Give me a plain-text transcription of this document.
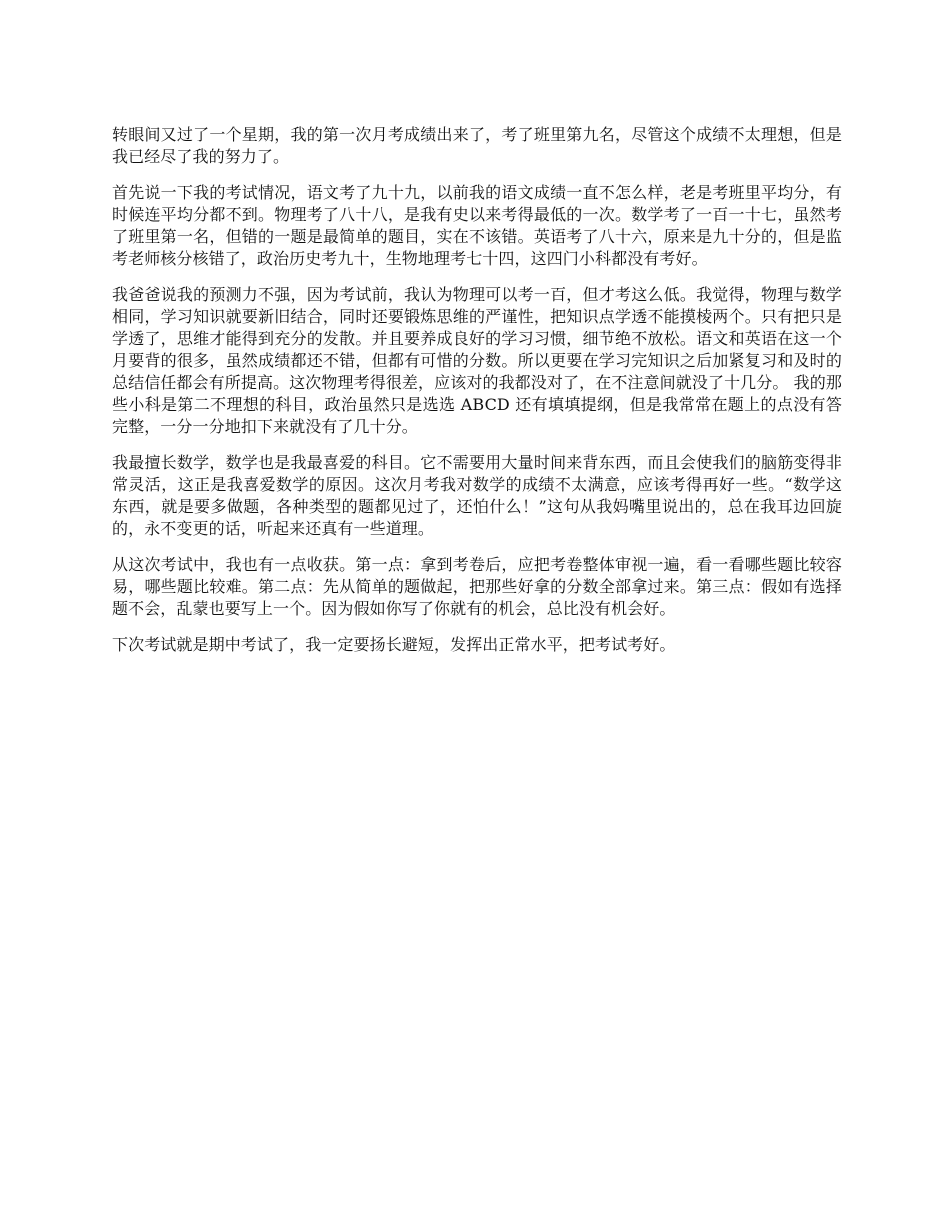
转眼间又过了一个星期，我的第一次月考成绩出来了，考了班里第九名，尽管这个成绩不太理想，但是我已经尽了我的努力了。

首先说一下我的考试情况，语文考了九十九，以前我的语文成绩一直不怎么样，老是考班里平均分，有时候连平均分都不到。物理考了八十八，是我有史以来考得最低的一次。数学考了一百一十七，虽然考了班里第一名，但错的一题是最简单的题目，实在不该错。英语考了八十六，原来是九十分的，但是监考老师核分核错了，政治历史考九十，生物地理考七十四，这四门小科都没有考好。

我爸爸说我的预测力不强，因为考试前，我认为物理可以考一百，但才考这么低。我觉得，物理与数学相同，学习知识就要新旧结合，同时还要锻炼思维的严谨性，把知识点学透不能摸棱两个。只有把只是学透了，思维才能得到充分的发散。并且要养成良好的学习习惯，细节绝不放松。语文和英语在这一个月要背的很多，虽然成绩都还不错，但都有可惜的分数。所以更要在学习完知识之后加紧复习和及时的总结信任都会有所提高。这次物理考得很差，应该对的我都没对了，在不注意间就没了十几分。 我的那些小科是第二不理想的科目，政治虽然只是选选 ABCD 还有填填提纲，但是我常常在题上的点没有答完整，一分一分地扣下来就没有了几十分。

我最擅长数学，数学也是我最喜爱的科目。它不需要用大量时间来背东西，而且会使我们的脑筋变得非常灵活，这正是我喜爱数学的原因。这次月考我对数学的成绩不太满意，应该考得再好一些。“数学这东西，就是要多做题，各种类型的题都见过了，还怕什么！”这句从我妈嘴里说出的，总在我耳边回旋的，永不变更的话，听起来还真有一些道理。

从这次考试中，我也有一点收获。第一点：拿到考卷后，应把考卷整体审视一遍，看一看哪些题比较容易，哪些题比较难。第二点：先从简单的题做起，把那些好拿的分数全部拿过来。第三点：假如有选择题不会，乱蒙也要写上一个。因为假如你写了你就有的机会，总比没有机会好。

下次考试就是期中考试了，我一定要扬长避短，发挥出正常水平，把考试考好。
